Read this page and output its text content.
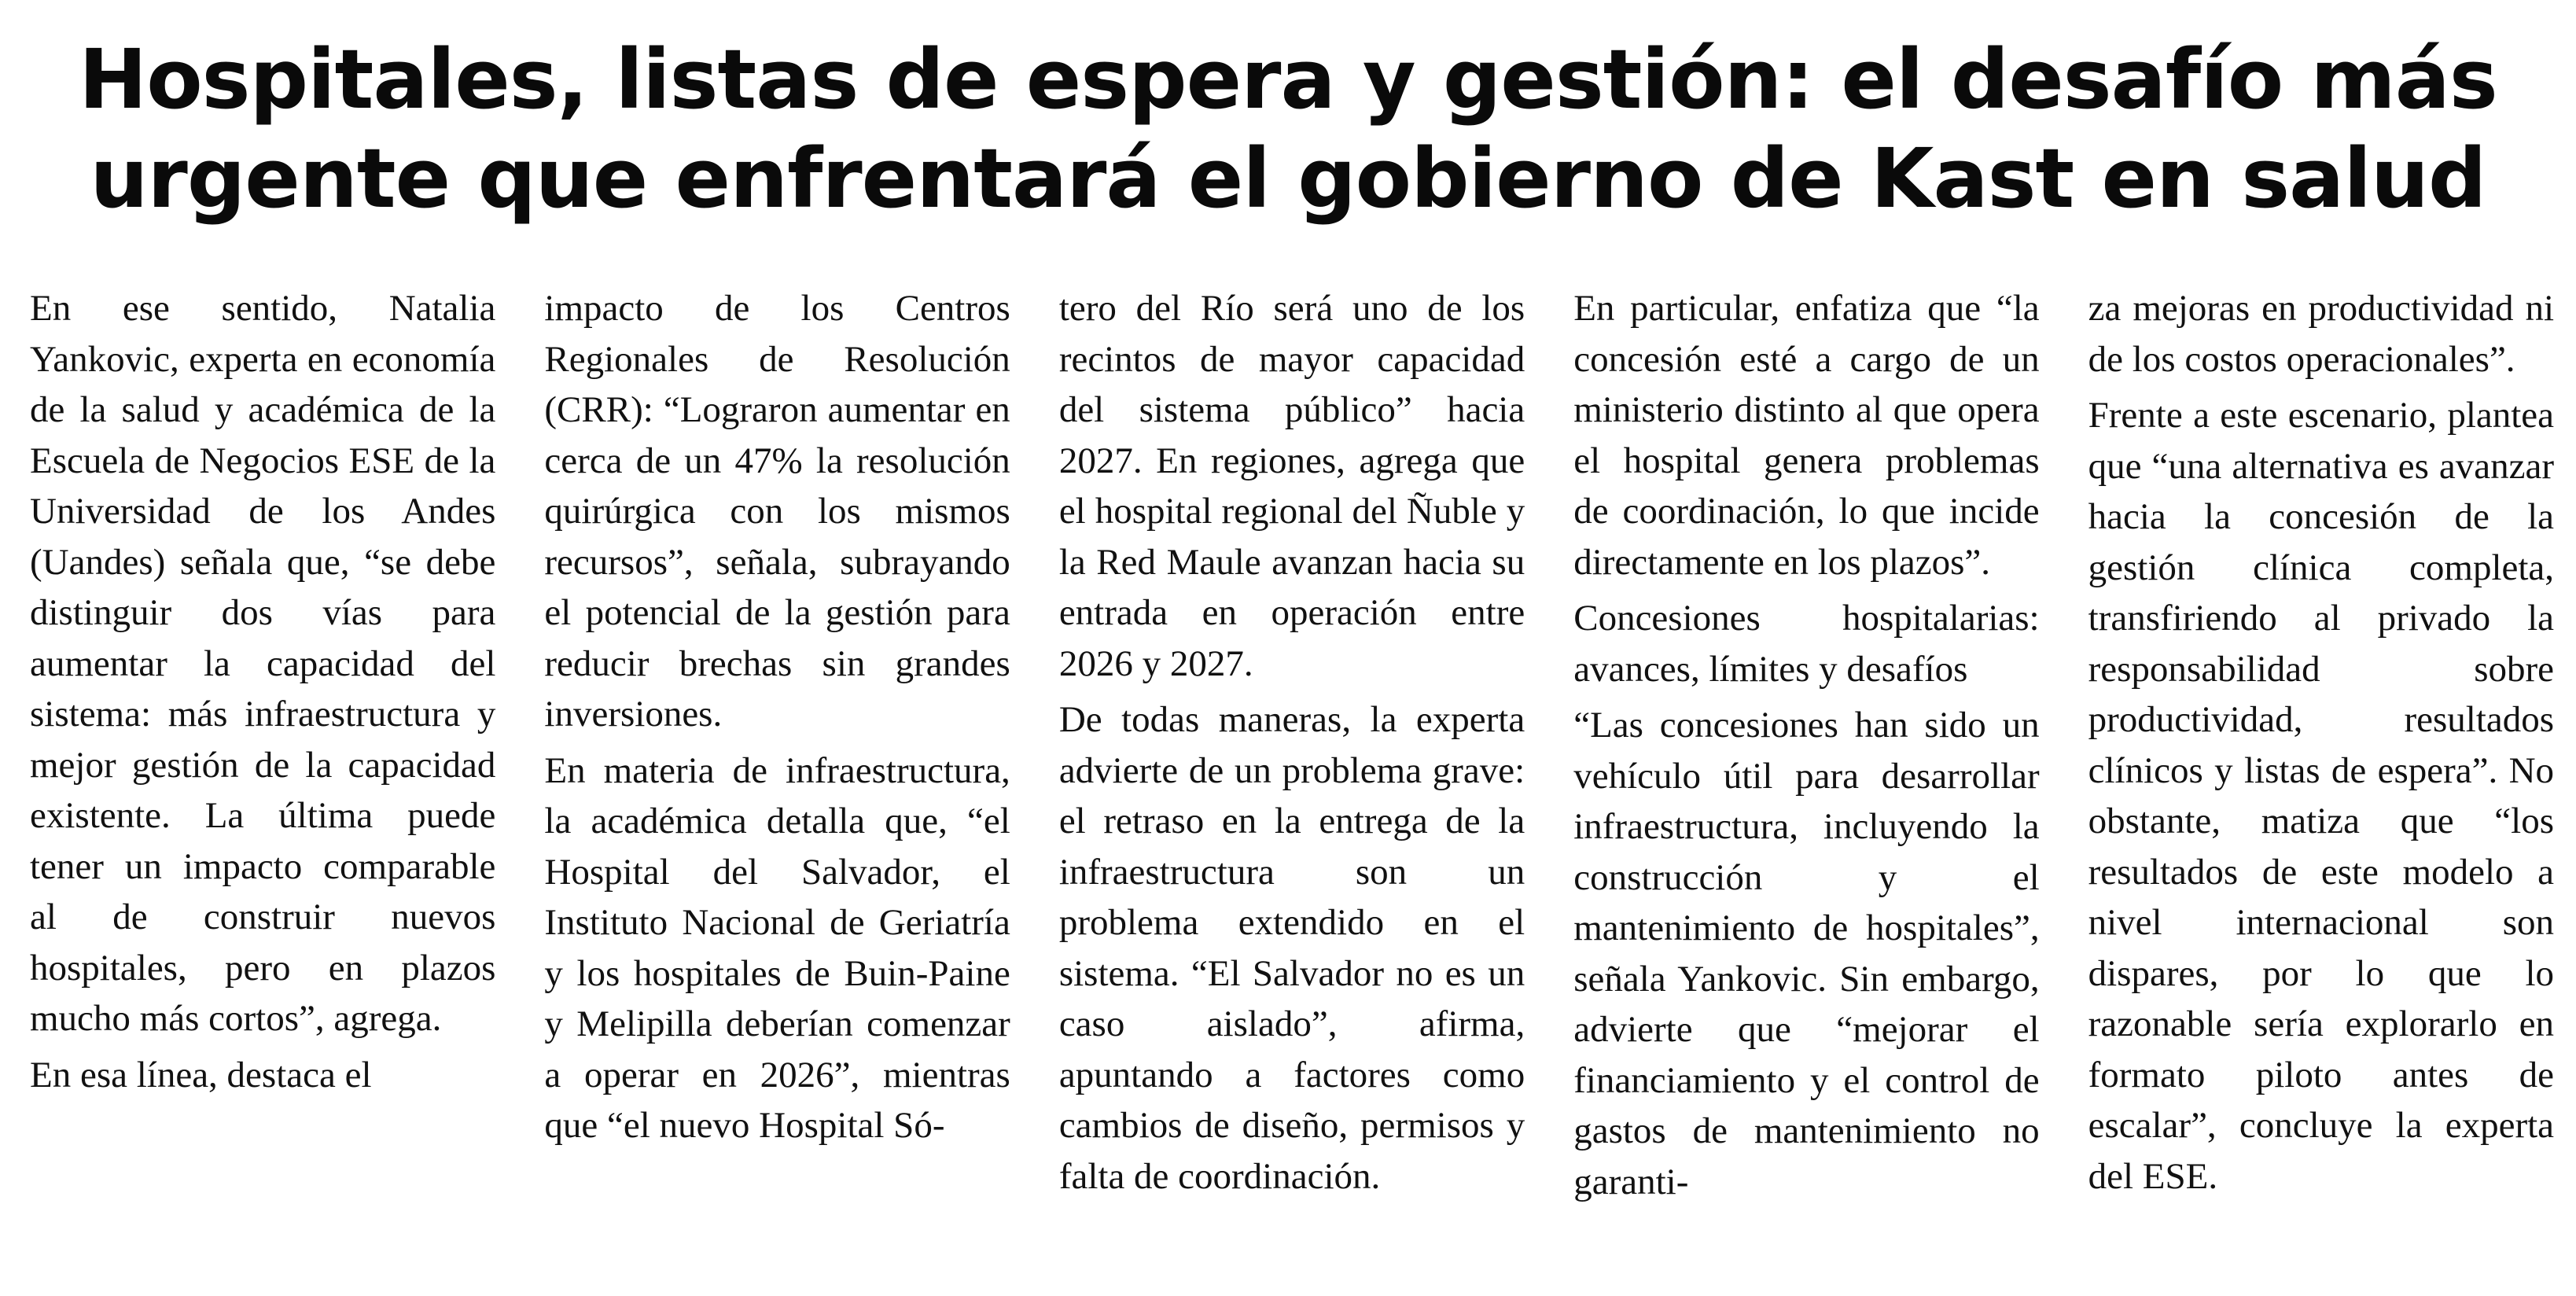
Hospitales, listas de espera y gestión: el desafío más
urgente que enfrentará el gobierno de Kast en salud

En ese sentido, Natalia Yankovic, experta en economía de la salud y académica de la Escuela de Negocios ESE de la Universidad de los Andes (Uandes) señala que, “se debe distinguir dos vías para aumentar la capacidad del sistema: más infraestructura y mejor gestión de la capacidad existente. La última puede tener un impacto comparable al de construir nuevos hospitales, pero en plazos mucho más cortos”, agrega.

En esa línea, destaca el

impacto de los Centros Regionales de Resolución (CRR): “Lograron aumentar en cerca de un 47% la resolución quirúrgica con los mismos recursos”, señala, subrayando el potencial de la gestión para reducir brechas sin grandes inversiones.

En materia de infraestructura, la académica detalla que, “el Hospital del Salvador, el Instituto Nacional de Geriatría y los hospitales de Buin-Paine y Melipilla deberían comenzar a operar en 2026”, mientras que “el nuevo Hospital Só-

tero del Río será uno de los recintos de mayor capacidad del sistema público” hacia 2027. En regiones, agrega que el hospital regional del Ñuble y la Red Maule avanzan hacia su entrada en operación entre 2026 y 2027.

De todas maneras, la experta advierte de un problema grave: el retraso en la entrega de la infraestructura son un problema extendido en el sistema. “El Salvador no es un caso aislado”, afirma, apuntando a factores como cambios de diseño, permisos y falta de coordinación.

En particular, enfatiza que “la concesión esté a cargo de un ministerio distinto al que opera el hospital genera problemas de coordinación, lo que incide directamente en los plazos”.

Concesiones hospitalarias: avances, límites y desafíos

“Las concesiones han sido un vehículo útil para desarrollar infraestructura, incluyendo la construcción y el mantenimiento de hospitales”, señala Yankovic. Sin embargo, advierte que “mejorar el financiamiento y el control de gastos de mantenimiento no garanti-

za mejoras en productividad ni de los costos operacionales”.

Frente a este escenario, plantea que “una alternativa es avanzar hacia la concesión de la gestión clínica completa, transfiriendo al privado la responsabilidad sobre productividad, resultados clínicos y listas de espera”. No obstante, matiza que “los resultados de este modelo a nivel internacional son dispares, por lo que lo razonable sería explorarlo en formato piloto antes de escalar”, concluye la experta del ESE.
